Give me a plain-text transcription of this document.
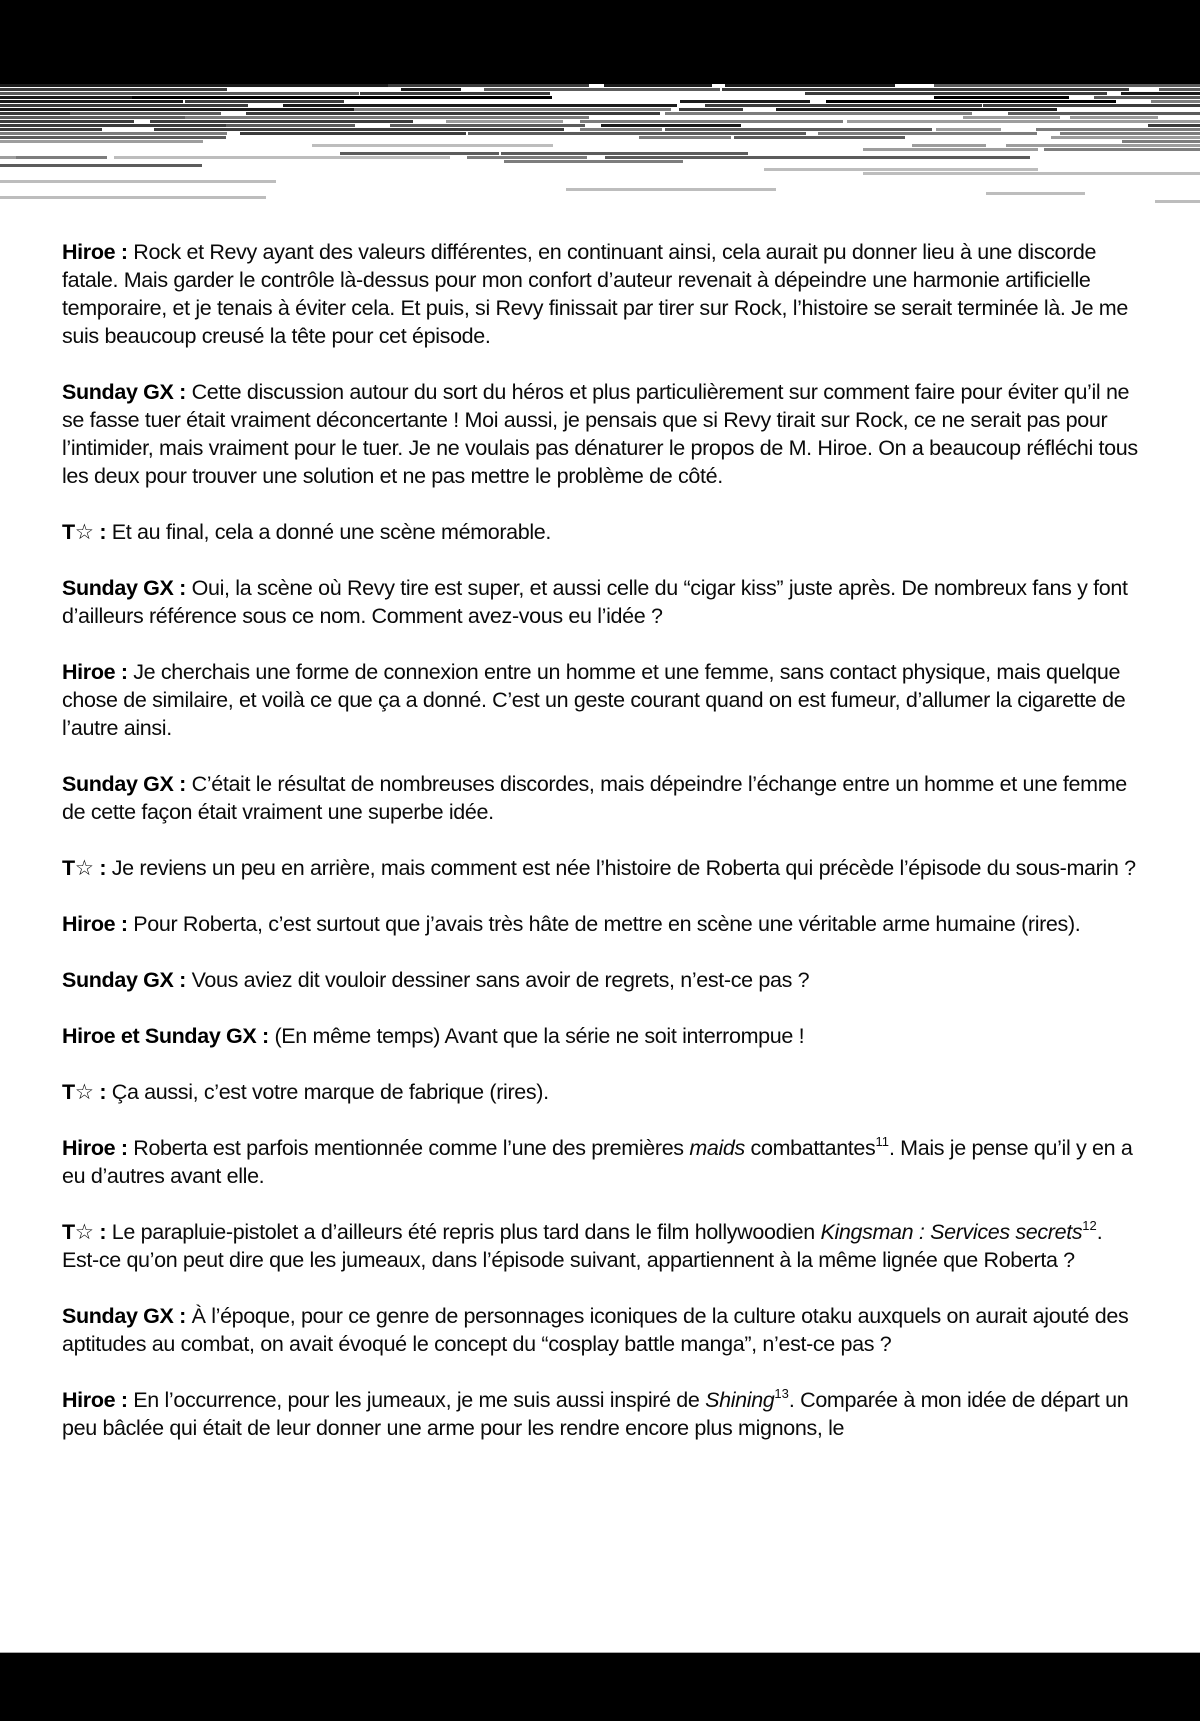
Hiroe : Rock et Revy ayant des valeurs différentes, en continuant ainsi, cela aurait pu donner lieu à une discorde fatale. Mais garder le contrôle là-dessus pour mon confort d’auteur revenait à dépeindre une harmonie artificielle temporaire, et je tenais à éviter cela. Et puis, si Revy finissait par tirer sur Rock, l’histoire se serait terminée là. Je me suis beaucoup creusé la tête pour cet épisode.

Sunday GX : Cette discussion autour du sort du héros et plus particulièrement sur comment faire pour éviter qu’il ne se fasse tuer était vraiment déconcertante ! Moi aussi, je pensais que si Revy tirait sur Rock, ce ne serait pas pour l’intimider, mais vraiment pour le tuer. Je ne voulais pas dénaturer le propos de M. Hiroe. On a beaucoup réfléchi tous les deux pour trouver une solution et ne pas mettre le problème de côté.

T☆ : Et au final, cela a donné une scène mémorable.

Sunday GX : Oui, la scène où Revy tire est super, et aussi celle du “cigar kiss” juste après. De nombreux fans y font d’ailleurs référence sous ce nom. Comment avez-vous eu l’idée ?

Hiroe : Je cherchais une forme de connexion entre un homme et une femme, sans contact physique, mais quelque chose de similaire, et voilà ce que ça a donné. C’est un geste courant quand on est fumeur, d’allumer la cigarette de l’autre ainsi.

Sunday GX : C’était le résultat de nombreuses discordes, mais dépeindre l’échange entre un homme et une femme de cette façon était vraiment une superbe idée.

T☆ : Je reviens un peu en arrière, mais comment est née l’histoire de Roberta qui précède l’épisode du sous-marin ?

Hiroe : Pour Roberta, c’est surtout que j’avais très hâte de mettre en scène une véritable arme humaine (rires).

Sunday GX : Vous aviez dit vouloir dessiner sans avoir de regrets, n’est-ce pas ?

Hiroe et Sunday GX : (En même temps) Avant que la série ne soit interrompue !

T☆ : Ça aussi, c’est votre marque de fabrique (rires).

Hiroe : Roberta est parfois mentionnée comme l’une des premières maids combattantes$^{11}$. Mais je pense qu’il y en a eu d’autres avant elle.

T☆ : Le parapluie-pistolet a d’ailleurs été repris plus tard dans le film hollywoodien Kingsman : Services secrets$^{12}$. Est-ce qu’on peut dire que les jumeaux, dans l’épisode suivant, appartiennent à la même lignée que Roberta ?

Sunday GX : À l’époque, pour ce genre de personnages iconiques de la culture otaku auxquels on aurait ajouté des aptitudes au combat, on avait évoqué le concept du “cosplay battle manga”, n’est-ce pas ?

Hiroe : En l’occurrence, pour les jumeaux, je me suis aussi inspiré de Shining$^{13}$. Comparée à mon idée de départ un peu bâclée qui était de leur donner une arme pour les rendre encore plus mignons, le
